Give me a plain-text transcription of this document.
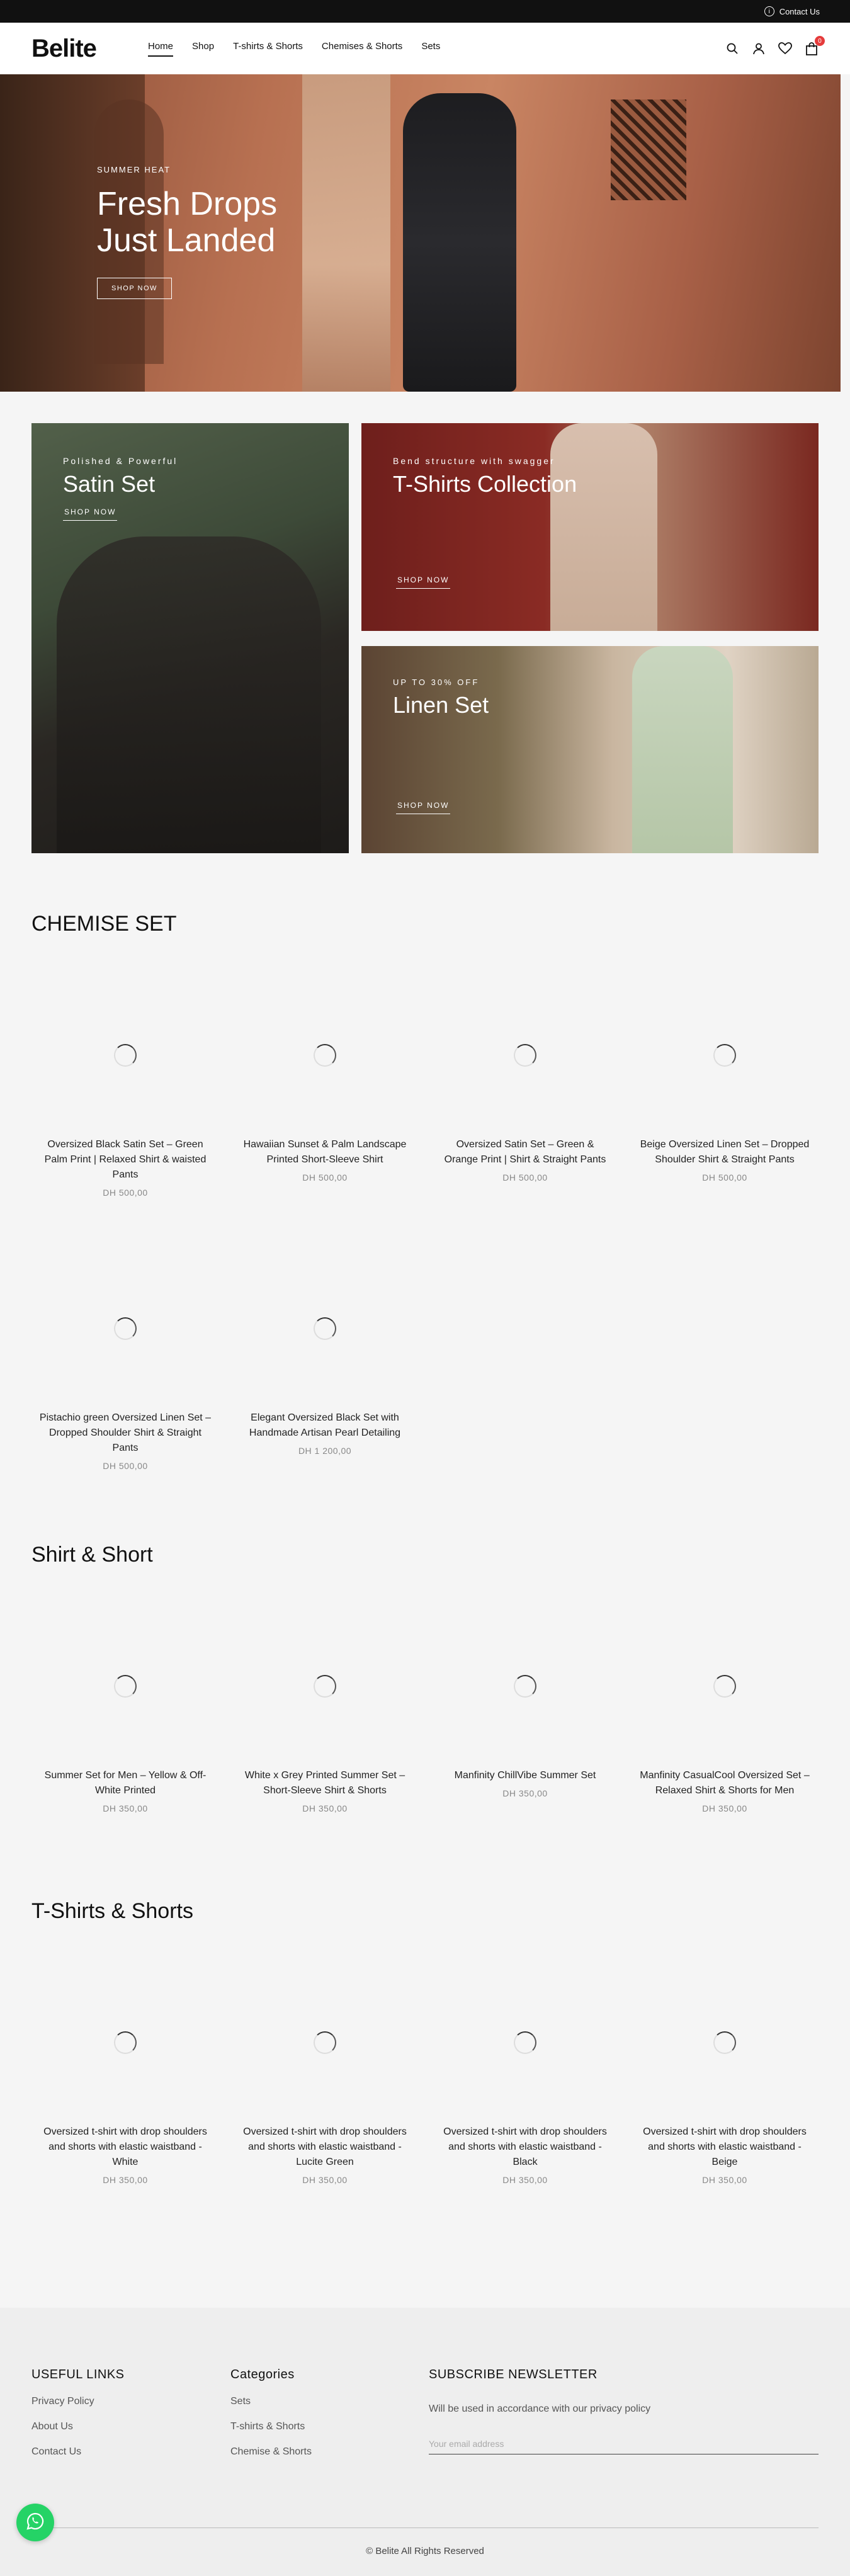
i	Contact Us
Belite	Home Shop T-shirts & Shorts Chemises & Shorts Sets	0
SUMMER HEAT
Fresh Drops Just Landed
SHOP NOW
Polished & Powerful
Satin Set
SHOP NOW
Bend structure with swagger
T-Shirts Collection
SHOP NOW
UP TO 30% OFF
Linen Set
SHOP NOW
CHEMISE SET
Oversized Black Satin Set – Green Palm Print | Relaxed Shirt & waisted Pants
DH 500,00
Hawaiian Sunset & Palm Landscape Printed Short-Sleeve Shirt
DH 500,00
Oversized Satin Set – Green & Orange Print | Shirt & Straight Pants
DH 500,00
Beige Oversized Linen Set – Dropped Shoulder Shirt & Straight Pants
DH 500,00
Pistachio green Oversized Linen Set – Dropped Shoulder Shirt & Straight Pants
DH 500,00
Elegant Oversized Black Set with Handmade Artisan Pearl Detailing
DH 1 200,00
Shirt & Short
Summer Set for Men – Yellow & Off-White Printed
DH 350,00
White x Grey Printed Summer Set – Short-Sleeve Shirt & Shorts
DH 350,00
Manfinity ChillVibe Summer Set
DH 350,00
Manfinity CasualCool Oversized Set – Relaxed Shirt & Shorts for Men
DH 350,00
T-Shirts & Shorts
Oversized t-shirt with drop shoulders and shorts with elastic waistband - White
DH 350,00
Oversized t-shirt with drop shoulders and shorts with elastic waistband - Lucite Green
DH 350,00
Oversized t-shirt with drop shoulders and shorts with elastic waistband - Black
DH 350,00
Oversized t-shirt with drop shoulders and shorts with elastic waistband - Beige
DH 350,00
USEFUL LINKS
Privacy Policy
About Us
Contact Us
Categories
Sets
T-shirts & Shorts
Chemise & Shorts
SUBSCRIBE NEWSLETTER
Will be used in accordance with our privacy policy
Your email address
© Belite All Rights Reserved
